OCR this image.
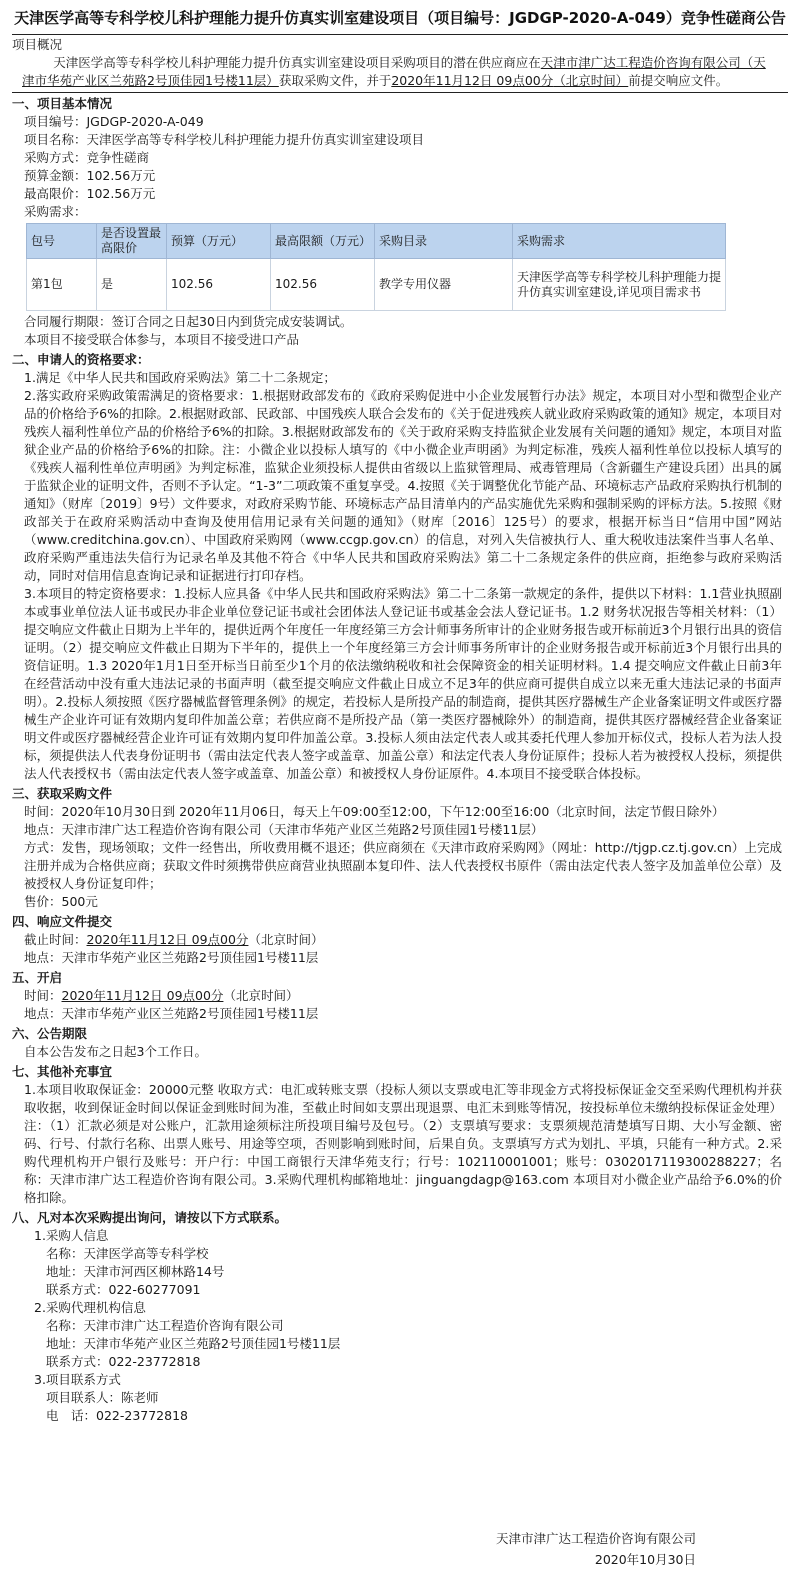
天津医学高等专科学校儿科护理能力提升仿真实训室建设项目（项目编号：JGDGP-2020-A-049）竞争性磋商公告
项目概况
天津医学高等专科学校儿科护理能力提升仿真实训室建设项目采购项目的潜在供应商应在天津市津广达工程造价咨询有限公司（天津市华苑产业区兰苑路2号顶佳园1号楼11层）获取采购文件，并于2020年11月12日 09点00分（北京时间）前提交响应文件。
一、项目基本情况
项目编号：JGDGP-2020-A-049
项目名称：天津医学高等专科学校儿科护理能力提升仿真实训室建设项目
采购方式：竞争性磋商
预算金额：102.56万元
最高限价：102.56万元
采购需求：
包号	是否设置最高限价	预算（万元）	最高限额（万元）	采购目录	采购需求
第1包	是	102.56	102.56	教学专用仪器	天津医学高等专科学校儿科护理能力提升仿真实训室建设,详见项目需求书
合同履行期限：签订合同之日起30日内到货完成安装调试。
本项目不接受联合体参与，本项目不接受进口产品
二、申请人的资格要求：
1.满足《中华人民共和国政府采购法》第二十二条规定；
2.落实政府采购政策需满足的资格要求：1.根据财政部发布的《政府采购促进中小企业发展暂行办法》规定，本项目对小型和微型企业产品的价格给予6%的扣除。2.根据财政部、民政部、中国残疾人联合会发布的《关于促进残疾人就业政府采购政策的通知》规定，本项目对残疾人福利性单位产品的价格给予6%的扣除。3.根据财政部发布的《关于政府采购支持监狱企业发展有关问题的通知》规定，本项目对监狱企业产品的价格给予6%的扣除。注：小微企业以投标人填写的《中小微企业声明函》为判定标准，残疾人福利性单位以投标人填写的《残疾人福利性单位声明函》为判定标准，监狱企业须投标人提供由省级以上监狱管理局、戒毒管理局（含新疆生产建设兵团）出具的属于监狱企业的证明文件，否则不予认定。“1-3”二项政策不重复享受。4.按照《关于调整优化节能产品、环境标志产品政府采购执行机制的通知》（财库〔2019〕9号）文件要求，对政府采购节能、环境标志产品目清单内的产品实施优先采购和强制采购的评标方法。5.按照《财政部关于在政府采购活动中查询及使用信用记录有关问题的通知》（财库〔2016〕125号）的要求，根据开标当日“信用中国”网站（www.creditchina.gov.cn）、中国政府采购网（www.ccgp.gov.cn）的信息，对列入失信被执行人、重大税收违法案件当事人名单、政府采购严重违法失信行为记录名单及其他不符合《中华人民共和国政府采购法》第二十二条规定条件的供应商，拒绝参与政府采购活动，同时对信用信息查询记录和证据进行打印存档。
3.本项目的特定资格要求：1.投标人应具备《中华人民共和国政府采购法》第二十二条第一款规定的条件，提供以下材料：1.1营业执照副本或事业单位法人证书或民办非企业单位登记证书或社会团体法人登记证书或基金会法人登记证书。1.2 财务状况报告等相关材料：（1）提交响应文件截止日期为上半年的，提供近两个年度任一年度经第三方会计师事务所审计的企业财务报告或开标前近3个月银行出具的资信证明。（2）提交响应文件截止日期为下半年的，提供上一个年度经第三方会计师事务所审计的企业财务报告或开标前近3个月银行出具的资信证明。1.3 2020年1月1日至开标当日前至少1个月的依法缴纳税收和社会保障资金的相关证明材料。1.4 提交响应文件截止日前3年在经营活动中没有重大违法记录的书面声明（截至提交响应文件截止日成立不足3年的供应商可提供自成立以来无重大违法记录的书面声明）。2.投标人须按照《医疗器械监督管理条例》的规定，若投标人是所投产品的制造商，提供其医疗器械生产企业备案证明文件或医疗器械生产企业许可证有效期内复印件加盖公章；若供应商不是所投产品（第一类医疗器械除外）的制造商，提供其医疗器械经营企业备案证明文件或医疗器械经营企业许可证有效期内复印件加盖公章。3.投标人须由法定代表人或其委托代理人参加开标仪式，投标人若为法人投标，须提供法人代表身份证明书（需由法定代表人签字或盖章、加盖公章）和法定代表人身份证原件；投标人若为被授权人投标，须提供法人代表授权书（需由法定代表人签字或盖章、加盖公章）和被授权人身份证原件。4.本项目不接受联合体投标。
三、获取采购文件
时间：2020年10月30日到 2020年11月06日，每天上午09:00至12:00，下午12:00至16:00（北京时间，法定节假日除外）
地点：天津市津广达工程造价咨询有限公司（天津市华苑产业区兰苑路2号顶佳园1号楼11层）
方式：发售，现场领取；文件一经售出，所收费用概不退还；供应商须在《天津市政府采购网》（网址：http://tjgp.cz.tj.gov.cn）上完成注册并成为合格供应商；获取文件时须携带供应商营业执照副本复印件、法人代表授权书原件（需由法定代表人签字及加盖单位公章）及被授权人身份证复印件；
售价：500元
四、响应文件提交
截止时间：2020年11月12日 09点00分（北京时间）
地点：天津市华苑产业区兰苑路2号顶佳园1号楼11层
五、开启
时间：2020年11月12日 09点00分（北京时间）
地点：天津市华苑产业区兰苑路2号顶佳园1号楼11层
六、公告期限
自本公告发布之日起3个工作日。
七、其他补充事宜
1.本项目收取保证金：20000元整 收取方式：电汇或转账支票（投标人须以支票或电汇等非现金方式将投标保证金交至采购代理机构并获取收据，收到保证金时间以保证金到账时间为准，至截止时间如支票出现退票、电汇未到账等情况，按投标单位未缴纳投标保证金处理）注：（1）汇款必须是对公账户，汇款用途须标注所投项目编号及包号。（2）支票填写要求：支票须规范清楚填写日期、大小写金额、密码、行号、付款行名称、出票人账号、用途等空项，否则影响到账时间，后果自负。支票填写方式为划扎、平填，只能有一种方式。2.采购代理机构开户银行及账号：开户行：中国工商银行天津华苑支行；行号：102110001001；账号：0302017119300288227；名称：天津市津广达工程造价咨询有限公司。3.采购代理机构邮箱地址：jinguangdagp@163.com 本项目对小微企业产品给予6.0%的价格扣除。
八、凡对本次采购提出询问，请按以下方式联系。
1.采购人信息
名称：天津医学高等专科学校
地址：天津市河西区柳林路14号
联系方式：022-60277091
2.采购代理机构信息
名称：天津市津广达工程造价咨询有限公司
地址：天津市华苑产业区兰苑路2号顶佳园1号楼11层
联系方式：022-23772818
3.项目联系方式
项目联系人：陈老师
电　话：022-23772818
天津市津广达工程造价咨询有限公司
2020年10月30日
